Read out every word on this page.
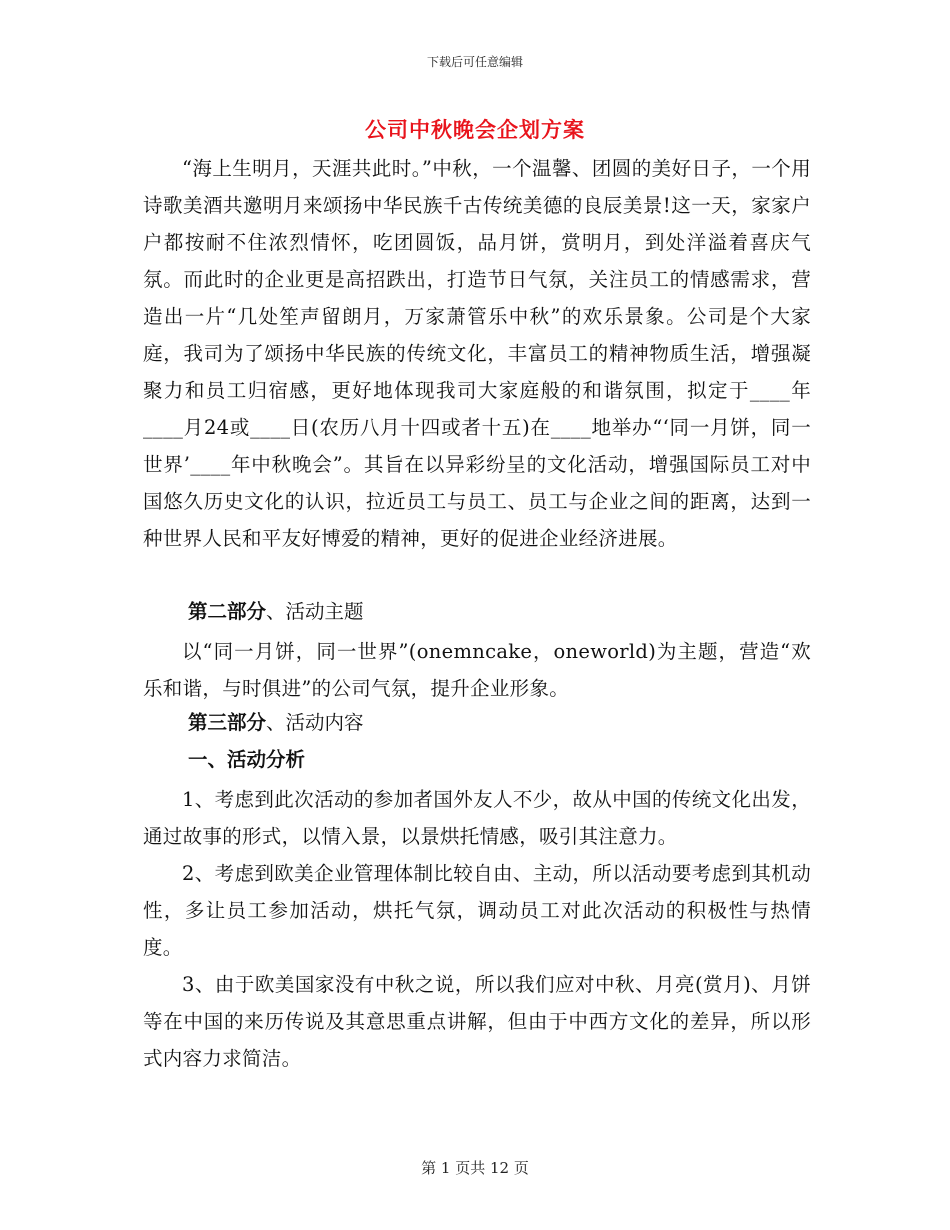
下载后可任意编辑
公司中秋晚会企划方案

“海上生明月，天涯共此时。”中秋，一个温馨、团圆的美好日子，一个用诗歌美酒共邀明月来颂扬中华民族千古传统美德的良辰美景!这一天，家家户户都按耐不住浓烈情怀，吃团圆饭，品月饼，赏明月，到处洋溢着喜庆气氛。而此时的企业更是高招跌出，打造节日气氛，关注员工的情感需求，营造出一片“几处笙声留朗月，万家萧管乐中秋”的欢乐景象。公司是个大家庭，我司为了颂扬中华民族的传统文化，丰富员工的精神物质生活，增强凝聚力和员工归宿感，更好地体现我司大家庭般的和谐氛围，拟定于____年____月24或____日(农历八月十四或者十五)在____地举办“‘同一月饼，同一世界’____年中秋晚会”。其旨在以异彩纷呈的文化活动，增强国际员工对中国悠久历史文化的认识，拉近员工与员工、员工与企业之间的距离，达到一种世界人民和平友好博爱的精神，更好的促进企业经济进展。

第二部分、活动主题

以“同一月饼，同一世界”(onemncake，oneworld)为主题，营造“欢乐和谐，与时俱进”的公司气氛，提升企业形象。

第三部分、活动内容
一、活动分析

1、考虑到此次活动的参加者国外友人不少，故从中国的传统文化出发，通过故事的形式，以情入景，以景烘托情感，吸引其注意力。

2、考虑到欧美企业管理体制比较自由、主动，所以活动要考虑到其机动性，多让员工参加活动，烘托气氛，调动员工对此次活动的积极性与热情度。

3、由于欧美国家没有中秋之说，所以我们应对中秋、月亮(赏月)、月饼等在中国的来历传说及其意思重点讲解，但由于中西方文化的差异，所以形式内容力求简洁。

第 1 页共 12 页
